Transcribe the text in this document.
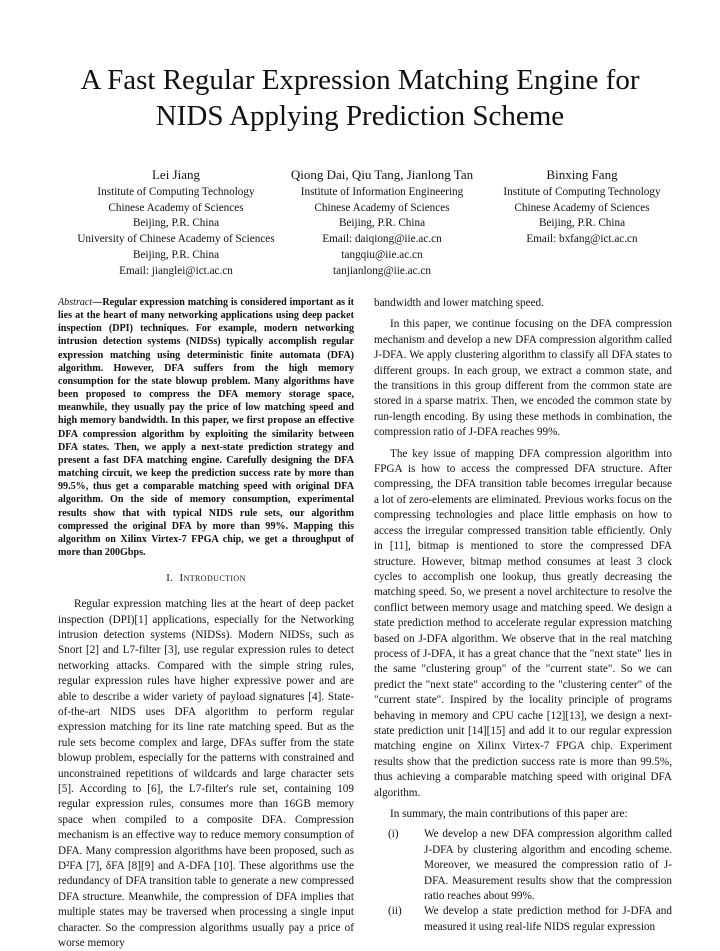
A Fast Regular Expression Matching Engine for
NIDS Applying Prediction Scheme
Lei Jiang
Institute of Computing Technology
Chinese Academy of Sciences
Beijing, P.R. China
University of Chinese Academy of Sciences
Beijing, P.R. China
Email: jianglei@ict.ac.cn
Qiong Dai, Qiu Tang, Jianlong Tan
Institute of Information Engineering
Chinese Academy of Sciences
Beijing, P.R. China
Email: daiqiong@iie.ac.cn
tangqiu@iie.ac.cn
tanjianlong@iie.ac.cn
Binxing Fang
Institute of Computing Technology
Chinese Academy of Sciences
Beijing, P.R. China
Email: bxfang@ict.ac.cn

Abstract—Regular expression matching is considered important as it lies at the heart of many networking applications using deep packet inspection (DPI) techniques. For example, modern networking intrusion detection systems (NIDSs) typically accomplish regular expression matching using deterministic finite automata (DFA) algorithm. However, DFA suffers from the high memory consumption for the state blowup problem. Many algorithms have been proposed to compress the DFA memory storage space, meanwhile, they usually pay the price of low matching speed and high memory bandwidth. In this paper, we first propose an effective DFA compression algorithm by exploiting the similarity between DFA states. Then, we apply a next-state prediction strategy and present a fast DFA matching engine. Carefully designing the DFA matching circuit, we keep the prediction success rate by more than 99.5%, thus get a comparable matching speed with original DFA algorithm. On the side of memory consumption, experimental results show that with typical NIDS rule sets, our algorithm compressed the original DFA by more than 99%. Mapping this algorithm on Xilinx Virtex-7 FPGA chip, we get a throughput of more than 200Gbps.

I. Introduction

Regular expression matching lies at the heart of deep packet inspection (DPI)[1] applications, especially for the Networking intrusion detection systems (NIDSs). Modern NIDSs, such as Snort [2] and L7-filter [3], use regular expression rules to detect networking attacks. Compared with the simple string rules, regular expression rules have higher expressive power and are able to describe a wider variety of payload signatures [4]. State-of-the-art NIDS uses DFA algorithm to perform regular expression matching for its line rate matching speed. But as the rule sets become complex and large, DFAs suffer from the state blowup problem, especially for the patterns with constrained and unconstrained repetitions of wildcards and large character sets [5]. According to [6], the L7-filter's rule set, containing 109 regular expression rules, consumes more than 16GB memory space when compiled to a composite DFA. Compression mechanism is an effective way to reduce memory consumption of DFA. Many compression algorithms have been proposed, such as D²FA [7], δFA [8][9] and A-DFA [10]. These algorithms use the redundancy of DFA transition table to generate a new compressed DFA structure. Meanwhile, the compression of DFA implies that multiple states may be traversed when processing a single input character. So the compression algorithms usually pay a price of worse memory

bandwidth and lower matching speed.

In this paper, we continue focusing on the DFA compression mechanism and develop a new DFA compression algorithm called J-DFA. We apply clustering algorithm to classify all DFA states to different groups. In each group, we extract a common state, and the transitions in this group different from the common state are stored in a sparse matrix. Then, we encoded the common state by run-length encoding. By using these methods in combination, the compression ratio of J-DFA reaches 99%.

The key issue of mapping DFA compression algorithm into FPGA is how to access the compressed DFA structure. After compressing, the DFA transition table becomes irregular because a lot of zero-elements are eliminated. Previous works focus on the compressing technologies and place little emphasis on how to access the irregular compressed transition table efficiently. Only in [11], bitmap is mentioned to store the compressed DFA structure. However, bitmap method consumes at least 3 clock cycles to accomplish one lookup, thus greatly decreasing the matching speed. So, we present a novel architecture to resolve the conflict between memory usage and matching speed. We design a state prediction method to accelerate regular expression matching based on J-DFA algorithm. We observe that in the real matching process of J-DFA, it has a great chance that the "next state" lies in the same "clustering group" of the "current state". So we can predict the "next state" according to the "clustering center" of the "current state". Inspired by the locality principle of programs behaving in memory and CPU cache [12][13], we design a next-state prediction unit [14][15] and add it to our regular expression matching engine on Xilinx Virtex-7 FPGA chip. Experiment results show that the prediction success rate is more than 99.5%, thus achieving a comparable matching speed with original DFA algorithm.

In summary, the main contributions of this paper are:

(i)	We develop a new DFA compression algorithm called J-DFA by clustering algorithm and encoding scheme. Moreover, we measured the compression ratio of J-DFA. Measurement results show that the compression ratio reaches about 99%.
(ii)	We develop a state prediction method for J-DFA and measured it using real-life NIDS regular expression
